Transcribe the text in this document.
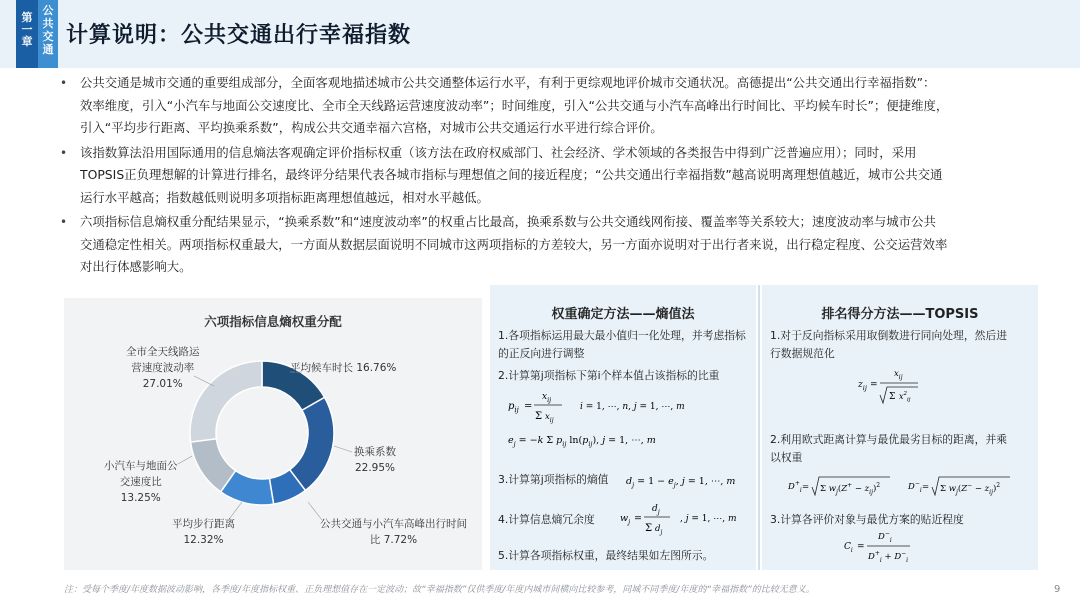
第一章
公共交通
计算说明：公共交通出行幸福指数
• 公共交通是城市交通的重要组成部分，全面客观地描述城市公共交通整体运行水平，有利于更综观地评价城市交通状况。高德提出“公共交通出行幸福指数”：
效率维度，引入“小汽车与地面公交速度比、全市全天线路运营速度波动率”；时间维度，引入“公共交通与小汽车高峰出行时间比、平均候车时长”；便捷维度，
引入“平均步行距离、平均换乘系数”，构成公共交通幸福六宫格，对城市公共交通运行水平进行综合评价。
• 该指数算法沿用国际通用的信息熵法客观确定评价指标权重（该方法在政府权威部门、社会经济、学术领域的各类报告中得到广泛普遍应用）；同时，采用
TOPSIS正负理想解的计算进行排名，最终评分结果代表各城市指标与理想值之间的接近程度；“公共交通出行幸福指数”越高说明离理想值越近，城市公共交通
运行水平越高；指数越低则说明多项指标距离理想值越远，相对水平越低。
• 六项指标信息熵权重分配结果显示，“换乘系数”和“速度波动率”的权重占比最高，换乘系数与公共交通线网衔接、覆盖率等关系较大；速度波动率与城市公共
交通稳定性相关。两项指标权重最大，一方面从数据层面说明不同城市这两项指标的方差较大，另一方面亦说明对于出行者来说，出行稳定程度、公交运营效率
对出行体感影响大。
六项指标信息熵权重分配
平均候车时长 16.76%
换乘系数
22.95%
公共交通与小汽车高峰出行时间
比 7.72%
平均步行距离
12.32%
小汽车与地面公
交速度比
13.25%
全市全天线路运
营速度波动率
27.01%
权重确定方法——熵值法
1.各项指标运用最大最小值归一化处理，并考虑指标
的正反向进行调整
2.计算第j项指标下第i个样本值占该指标的比重
$p_{ij}$ =
$x_{ij}$
Σ $x_{ij}$
i = 1, ⋯, n, j = 1, ⋯, m
$e_j = -k$ Σ $p_{ij}$ $\ln(p_{ij})$, j = 1, ⋯, m
3.计算第j项指标的熵值 $d_j = 1 - e_j$, j = 1, ⋯, m
4.计算信息熵冗余度	$w_j$ =
$d_j$
Σ $d_j$
, j = 1, ⋯, m
5.计算各项指标权重，最终结果如左图所示。
排名得分方法——TOPSIS
1.对于反向指标采用取倒数进行同向处理，然后进
行数据规范化
$z_{ij}$ =
$x_{ij}$
Σ $x^2_{ij}$
2.利用欧式距离计算与最优最劣目标的距离，并乘
以权重
$D^+_i = \Sigma$ $w_j(Z^+ - z_{ij})^2$	$D^-_i = \Sigma$ $w_j(Z^- - z_{ij})^2$
3.计算各评价对象与最优方案的贴近程度
$C_i$ =
$D^-_i$
$D^+_i + D^-_i$
注：受每个季度/年度数据波动影响，各季度/年度指标权重、正负理想值存在一定波动；故“幸福指数”仅供季度/年度内城市间横向比较参考，同城不同季度/年度的“幸福指数”的比较无意义。	9
